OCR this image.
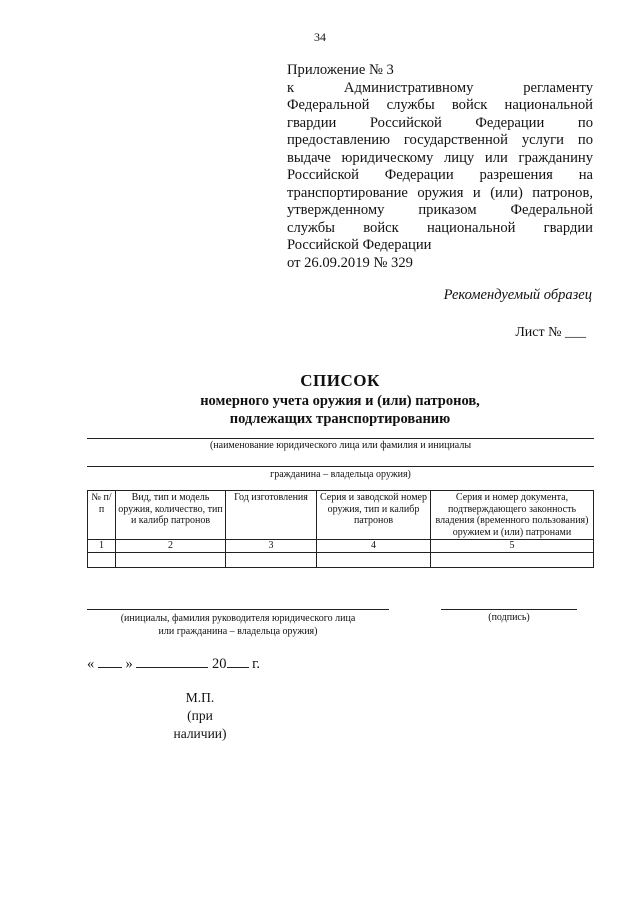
34
Приложение № 3
к Административному регламенту
Федеральной службы войск национальной
гвардии Российской Федерации по
предоставлению государственной услуги по
выдаче юридическому лицу или гражданину
Российской Федерации разрешения на
транспортирование оружия и (или) патронов,
утвержденному приказом Федеральной
службы войск национальной гвардии
Российской Федерации
от 26.09.2019 № 329
Рекомендуемый образец
Лист № ___
СПИСОК
номерного учета оружия и (или) патронов,
подлежащих транспортированию
(наименование юридического лица или фамилия и инициалы
гражданина – владельца оружия)
№ п/п	Вид, тип и модель оружия, количество, тип и калибр патронов	Год изготовления	Серия и заводской номер оружия, тип и калибр патронов	Серия и номер документа, подтверждающего законность владения (временного пользования) оружием и (или) патронами
1	2	3	4	5

(инициалы, фамилия руководителя юридического лица
или гражданина – владельца оружия)
(подпись)
« »	20 г.
М.П.
(при наличии)
